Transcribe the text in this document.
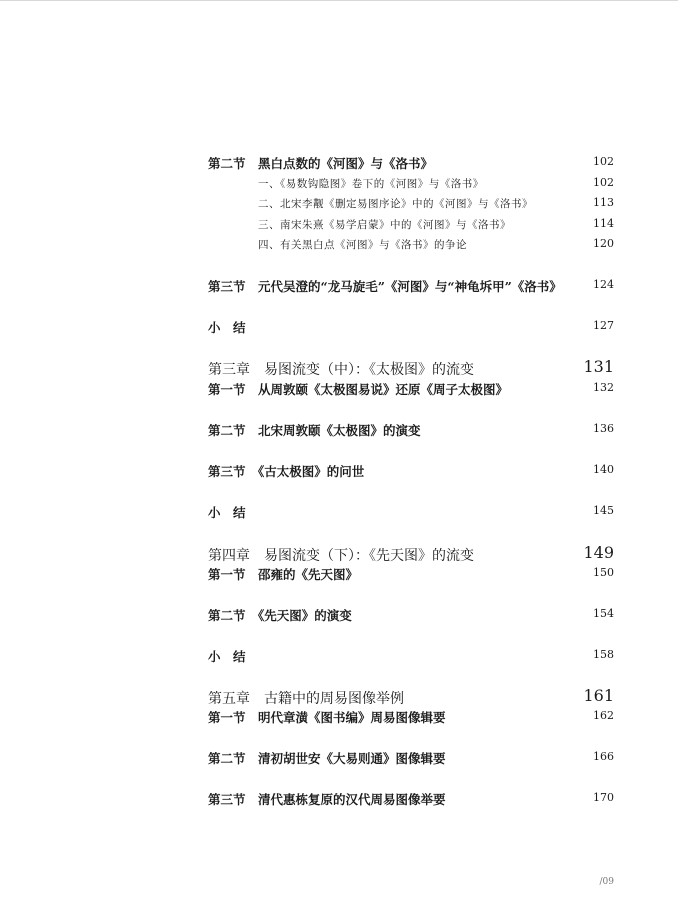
第二节　黑白点数的《河图》与《洛书》	102
一、《易数钩隐图》卷下的《河图》与《洛书》	102
二、北宋李觏《删定易图序论》中的《河图》与《洛书》	113
三、南宋朱熹《易学启蒙》中的《河图》与《洛书》	114
四、有关黑白点《河图》与《洛书》的争论	120
第三节　元代吴澄的“龙马旋毛”《河图》与“神龟坼甲”《洛书》	124
小　结	127
第三章　易图流变（中）：《太极图》的流变	131
第一节　从周敦颐《太极图易说》还原《周子太极图》	132
第二节　北宋周敦颐《太极图》的演变	136
第三节　《古太极图》的问世	140
小　结	145
第四章　易图流变（下）：《先天图》的流变	149
第一节　邵雍的《先天图》	150
第二节　《先天图》的演变	154
小　结	158
第五章　古籍中的周易图像举例	161
第一节　明代章潢《图书编》周易图像辑要	162
第二节　清初胡世安《大易则通》图像辑要	166
第三节　清代惠栋复原的汉代周易图像举要	170
/09
